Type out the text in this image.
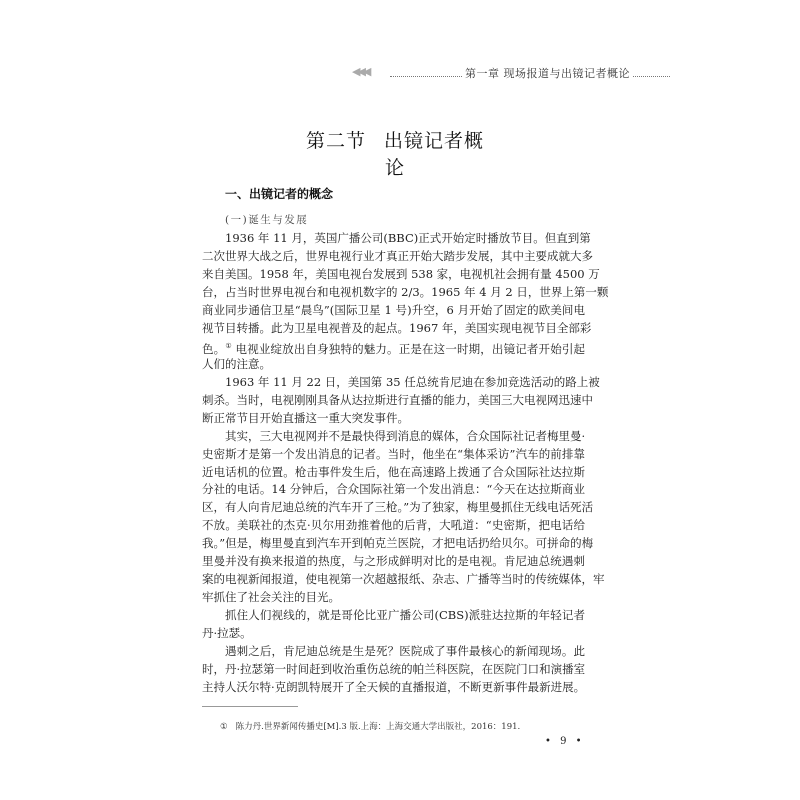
◀◀◀	第一章 现场报道与出镜记者概论
第二节 出镜记者概论
一、出镜记者的概念
(一)诞生与发展
1936 年 11 月，英国广播公司(BBC)正式开始定时播放节目。但直到第
二次世界大战之后，世界电视行业才真正开始大踏步发展，其中主要成就大多
来自美国。1958 年，美国电视台发展到 538 家，电视机社会拥有量 4500 万
台，占当时世界电视台和电视机数字的 2/3。1965 年 4 月 2 日，世界上第一颗
商业同步通信卫星“晨鸟”(国际卫星 1 号)升空，6 月开始了固定的欧美间电
视节目转播。此为卫星电视普及的起点。1967 年，美国实现电视节目全部彩
色。① 电视业绽放出自身独特的魅力。正是在这一时期，出镜记者开始引起
人们的注意。
1963 年 11 月 22 日，美国第 35 任总统肯尼迪在参加竞选活动的路上被
刺杀。当时，电视刚刚具备从达拉斯进行直播的能力，美国三大电视网迅速中
断正常节目开始直播这一重大突发事件。
其实，三大电视网并不是最快得到消息的媒体，合众国际社记者梅里曼·
史密斯才是第一个发出消息的记者。当时，他坐在“集体采访”汽车的前排靠
近电话机的位置。枪击事件发生后，他在高速路上拨通了合众国际社达拉斯
分社的电话。14 分钟后，合众国际社第一个发出消息：“今天在达拉斯商业
区，有人向肯尼迪总统的汽车开了三枪。”为了独家，梅里曼抓住无线电话死活
不放。美联社的杰克·贝尔用劲推着他的后背，大吼道：“史密斯，把电话给
我。”但是，梅里曼直到汽车开到帕克兰医院，才把电话扔给贝尔。可拼命的梅
里曼并没有换来报道的热度，与之形成鲜明对比的是电视。肯尼迪总统遇刺
案的电视新闻报道，使电视第一次超越报纸、杂志、广播等当时的传统媒体，牢
牢抓住了社会关注的目光。
抓住人们视线的，就是哥伦比亚广播公司(CBS)派驻达拉斯的年轻记者
丹·拉瑟。
遇刺之后，肯尼迪总统是生是死？医院成了事件最核心的新闻现场。此
时，丹·拉瑟第一时间赶到收治重伤总统的帕兰科医院，在医院门口和演播室
主持人沃尔特·克朗凯特展开了全天候的直播报道，不断更新事件最新进展。
① 陈力丹.世界新闻传播史[M].3 版.上海：上海交通大学出版社，2016：191.
• 9 •
